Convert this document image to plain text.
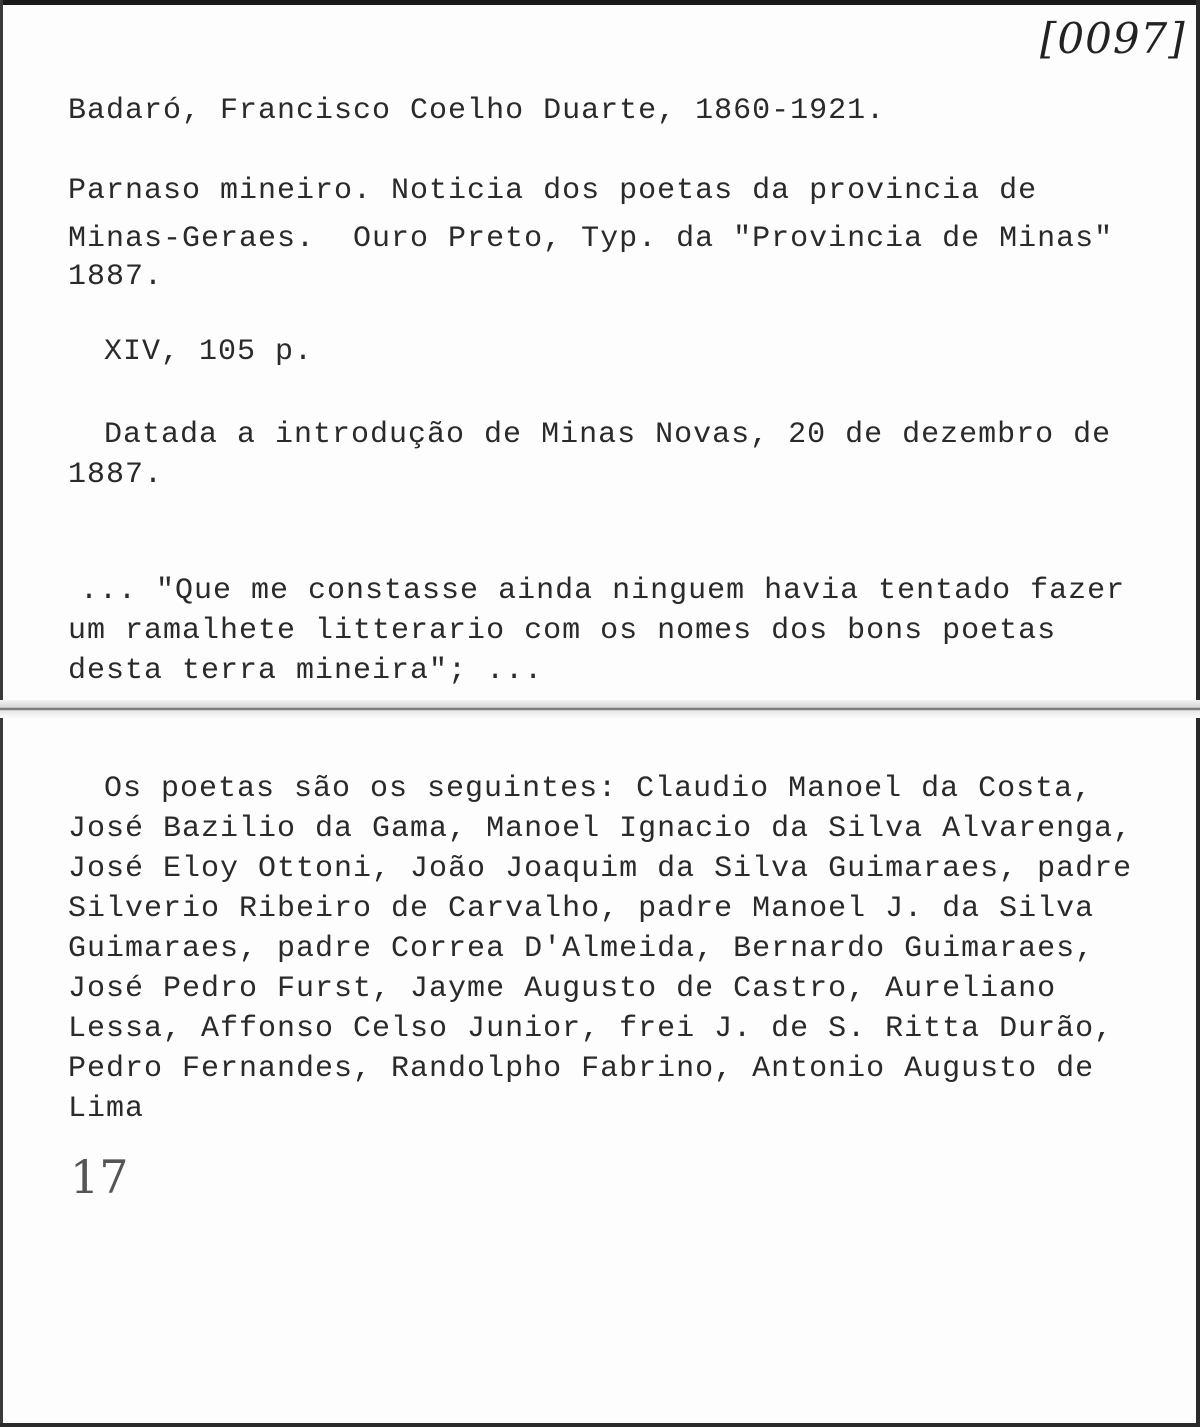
[0097]
Badaró, Francisco Coelho Duarte, 1860-1921.
Parnaso mineiro. Noticia dos poetas da provincia de
Minas-Geraes.  Ouro Preto, Typ. da "Provincia de Minas"
1887.
XIV, 105 p.
Datada a introdução de Minas Novas, 20 de dezembro de
1887.
... "Que me constasse ainda ninguem havia tentado fazer
um ramalhete litterario com os nomes dos bons poetas
desta terra mineira"; ...
Os poetas são os seguintes: Claudio Manoel da Costa,
José Bazilio da Gama, Manoel Ignacio da Silva Alvarenga,
José Eloy Ottoni, João Joaquim da Silva Guimaraes, padre
Silverio Ribeiro de Carvalho, padre Manoel J. da Silva
Guimaraes, padre Correa D'Almeida, Bernardo Guimaraes,
José Pedro Furst, Jayme Augusto de Castro, Aureliano
Lessa, Affonso Celso Junior, frei J. de S. Ritta Durão,
Pedro Fernandes, Randolpho Fabrino, Antonio Augusto de
Lima
17
